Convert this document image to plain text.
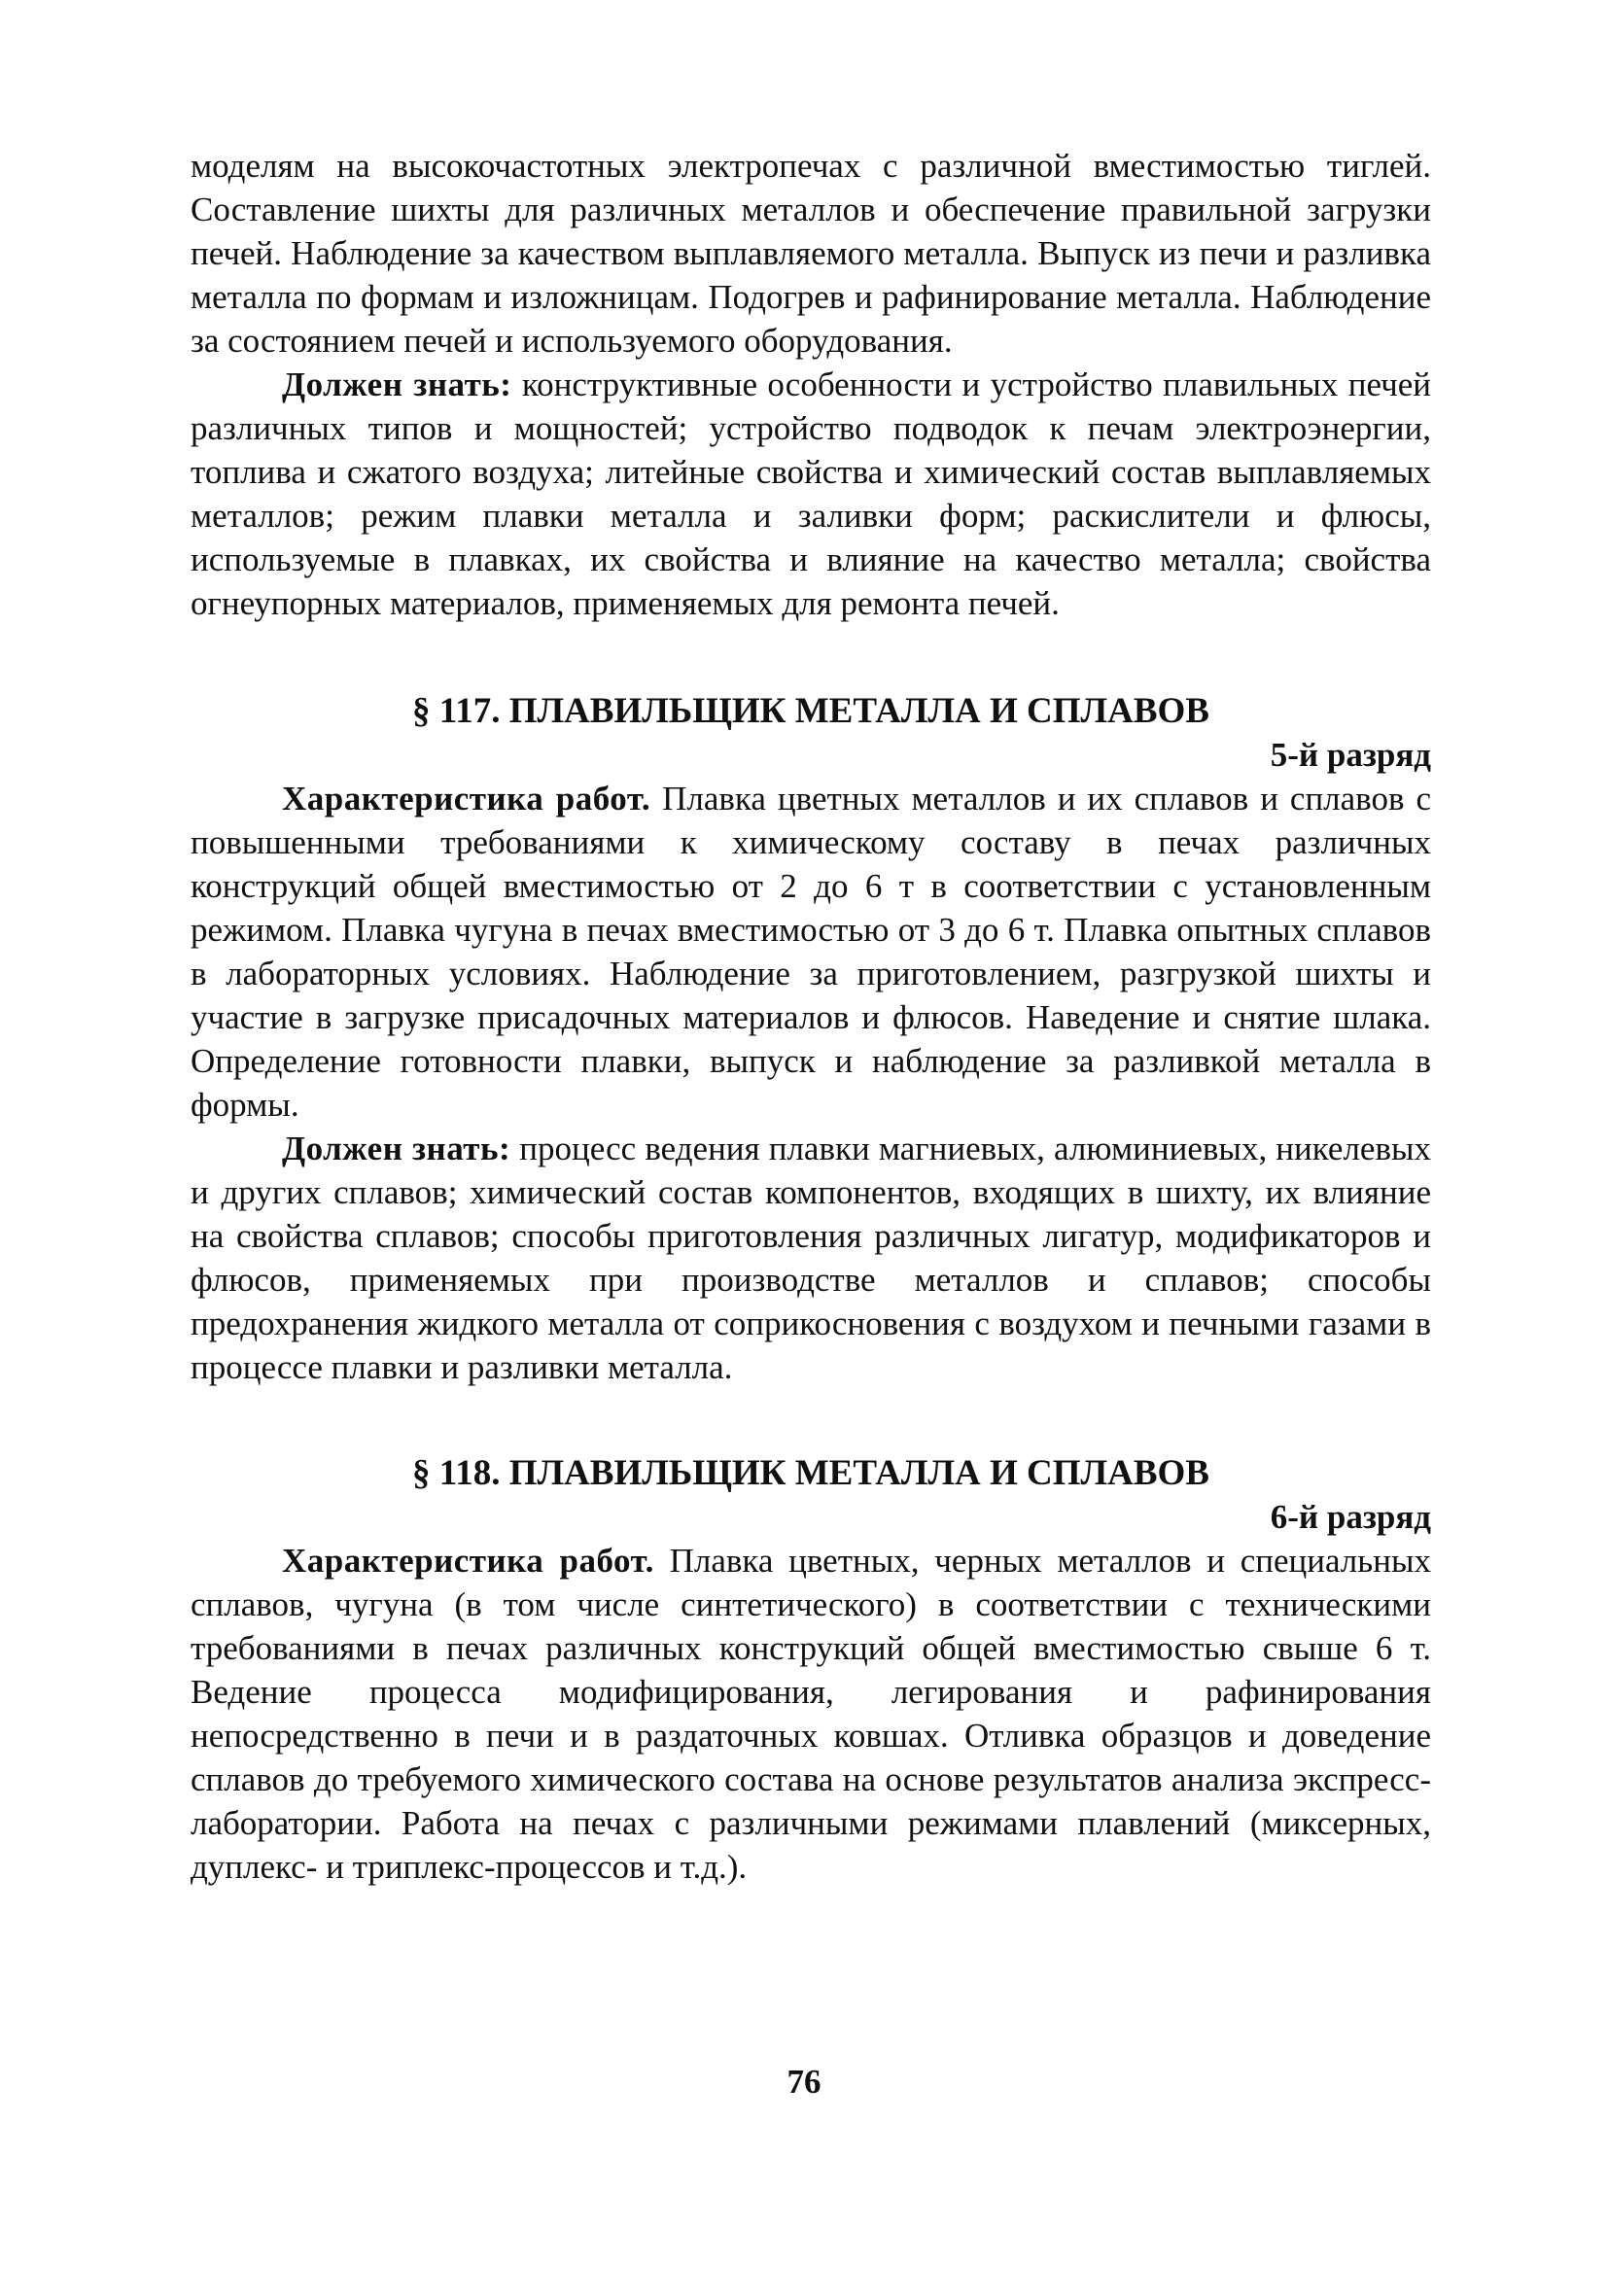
моделям на высокочастотных электропечах с различной вместимостью тиглей. Составление шихты для различных металлов и обеспечение правильной загрузки печей. Наблюдение за качеством выплавляемого металла. Выпуск из печи и разливка металла по формам и изложницам. Подогрев и рафинирование металла. Наблюдение за состоянием печей и используемого оборудования.

Должен знать: конструктивные особенности и устройство плавильных печей различных типов и мощностей; устройство подводок к печам электроэнергии, топлива и сжатого воздуха; литейные свойства и химический состав выплавляемых металлов; режим плавки металла и заливки форм; раскислители и флюсы, используемые в плавках, их свойства и влияние на качество металла; свойства огнеупорных материалов, применяемых для ремонта печей.

§ 117. ПЛАВИЛЬЩИК МЕТАЛЛА И СПЛАВОВ
5-й разряд

Характеристика работ. Плавка цветных металлов и их сплавов и сплавов с повышенными требованиями к химическому составу в печах различных конструкций общей вместимостью от 2 до 6 т в соответствии с установленным режимом. Плавка чугуна в печах вместимостью от 3 до 6 т. Плавка опытных сплавов в лабораторных условиях. Наблюдение за приготовлением, разгрузкой шихты и участие в загрузке присадочных материалов и флюсов. Наведение и снятие шлака. Определение готовности плавки, выпуск и наблюдение за разливкой металла в формы.

Должен знать: процесс ведения плавки магниевых, алюминиевых, никелевых и других сплавов; химический состав компонентов, входящих в шихту, их влияние на свойства сплавов; способы приготовления различных лигатур, модификаторов и флюсов, применяемых при производстве металлов и сплавов; способы предохранения жидкого металла от соприкосновения с воздухом и печными газами в процессе плавки и разливки металла.

§ 118. ПЛАВИЛЬЩИК МЕТАЛЛА И СПЛАВОВ
6-й разряд

Характеристика работ. Плавка цветных, черных металлов и специальных сплавов, чугуна (в том числе синтетического) в соответствии с техническими требованиями в печах различных конструкций общей вместимостью свыше 6 т. Ведение процесса модифицирования, легирования и рафинирования непосредственно в печи и в раздаточных ковшах. Отливка образцов и доведение сплавов до требуемого химического состава на основе результатов анализа экспресс-лаборатории. Работа на печах с различными режимами плавлений (миксерных, дуплекс- и триплекс-процессов и т.д.).

76
